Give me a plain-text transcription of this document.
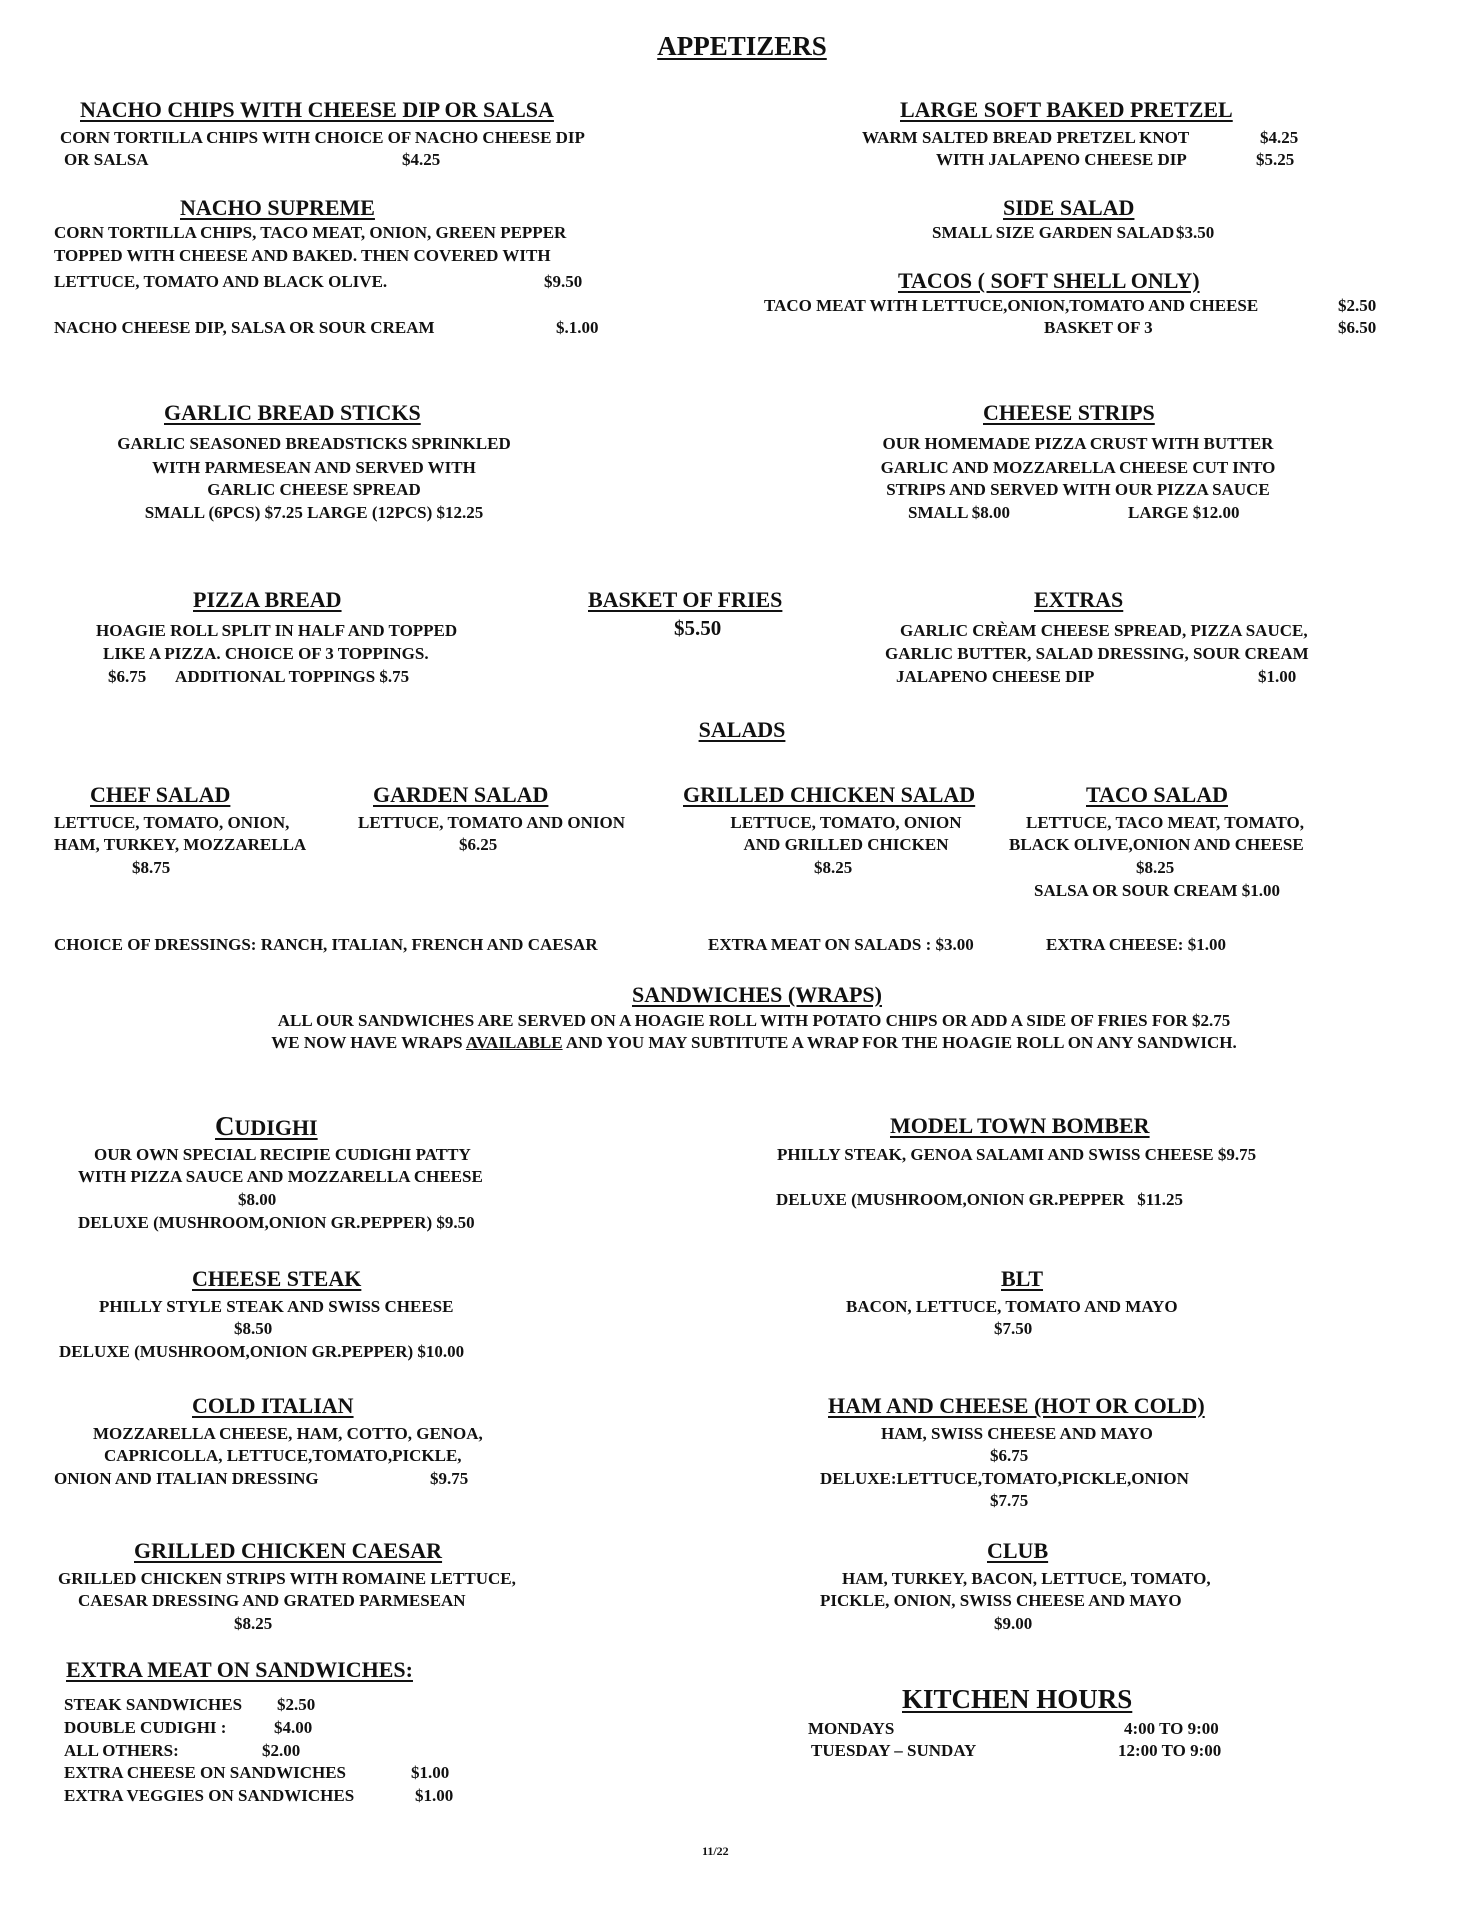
APPETIZERS
NACHO CHIPS WITH CHEESE DIP OR SALSA
CORN TORTILLA CHIPS WITH CHOICE OF NACHO CHEESE DIP
OR SALSA	$4.25
LARGE SOFT BAKED PRETZEL
WARM SALTED BREAD PRETZEL KNOT	$4.25
WITH JALAPENO CHEESE DIP	$5.25
NACHO SUPREME
CORN TORTILLA CHIPS, TACO MEAT, ONION, GREEN PEPPER
TOPPED WITH CHEESE AND BAKED. THEN COVERED WITH
LETTUCE, TOMATO AND BLACK OLIVE.	$9.50
NACHO CHEESE DIP, SALSA OR SOUR CREAM	$.1.00
SIDE SALAD
SMALL SIZE GARDEN SALAD $3.50
TACOS ( SOFT SHELL ONLY)
TACO MEAT WITH LETTUCE,ONION,TOMATO AND CHEESE	$2.50
BASKET OF 3	$6.50
GARLIC BREAD STICKS
GARLIC SEASONED BREADSTICKS SPRINKLED
WITH PARMESEAN AND SERVED WITH
GARLIC CHEESE SPREAD
SMALL (6PCS) $7.25 LARGE (12PCS) $12.25
CHEESE STRIPS
OUR HOMEMADE PIZZA CRUST WITH BUTTER
GARLIC AND MOZZARELLA CHEESE CUT INTO
STRIPS AND SERVED WITH OUR PIZZA SAUCE
SMALL $8.00	LARGE $12.00
PIZZA BREAD
HOAGIE ROLL SPLIT IN HALF AND TOPPED
LIKE A PIZZA. CHOICE OF 3 TOPPINGS.
$6.75       ADDITIONAL TOPPINGS $.75
BASKET OF FRIES
$5.50
EXTRAS
GARLIC CRÈAM CHEESE SPREAD, PIZZA SAUCE,
GARLIC BUTTER, SALAD DRESSING, SOUR CREAM
JALAPENO CHEESE DIP	$1.00
SALADS
CHEF SALAD
LETTUCE, TOMATO, ONION,
HAM, TURKEY, MOZZARELLA
$8.75
GARDEN SALAD
LETTUCE, TOMATO AND ONION
$6.25
GRILLED CHICKEN SALAD
LETTUCE, TOMATO, ONION
AND GRILLED CHICKEN
$8.25
TACO SALAD
LETTUCE, TACO MEAT, TOMATO,
BLACK OLIVE,ONION AND CHEESE
$8.25
SALSA OR SOUR CREAM $1.00
CHOICE OF DRESSINGS: RANCH, ITALIAN, FRENCH AND CAESAR	EXTRA MEAT ON SALADS : $3.00	EXTRA CHEESE: $1.00
SANDWICHES (WRAPS)
ALL OUR SANDWICHES ARE SERVED ON A HOAGIE ROLL WITH POTATO CHIPS OR ADD A SIDE OF FRIES FOR $2.75
WE NOW HAVE WRAPS AVAILABLE AND YOU MAY SUBTITUTE A WRAP FOR THE HOAGIE ROLL ON ANY SANDWICH.
CUDIGHI
OUR OWN SPECIAL RECIPIE CUDIGHI PATTY
WITH PIZZA SAUCE AND MOZZARELLA CHEESE
$8.00
DELUXE (MUSHROOM,ONION GR.PEPPER) $9.50
MODEL TOWN BOMBER
PHILLY STEAK, GENOA SALAMI AND SWISS CHEESE $9.75
DELUXE (MUSHROOM,ONION GR.PEPPER   $11.25
CHEESE STEAK
PHILLY STYLE STEAK AND SWISS CHEESE
$8.50
DELUXE (MUSHROOM,ONION GR.PEPPER) $10.00
BLT
BACON, LETTUCE, TOMATO AND MAYO
$7.50
COLD ITALIAN
MOZZARELLA CHEESE, HAM, COTTO, GENOA,
CAPRICOLLA, LETTUCE,TOMATO,PICKLE,
ONION AND ITALIAN DRESSING	$9.75
HAM AND CHEESE (HOT OR COLD)
HAM, SWISS CHEESE AND MAYO
$6.75
DELUXE:LETTUCE,TOMATO,PICKLE,ONION
$7.75
GRILLED CHICKEN CAESAR
GRILLED CHICKEN STRIPS WITH ROMAINE LETTUCE,
CAESAR DRESSING AND GRATED PARMESEAN
$8.25
CLUB
HAM, TURKEY, BACON, LETTUCE, TOMATO,
PICKLE, ONION, SWISS CHEESE AND MAYO
$9.00
EXTRA MEAT ON SANDWICHES:
STEAK SANDWICHES $2.50
DOUBLE CUDIGHI :	$4.00
ALL OTHERS:	$2.00
EXTRA CHEESE ON SANDWICHES	$1.00
EXTRA VEGGIES ON SANDWICHES	$1.00
KITCHEN HOURS
MONDAYS	4:00 TO 9:00
TUESDAY – SUNDAY	12:00 TO 9:00
11/22
